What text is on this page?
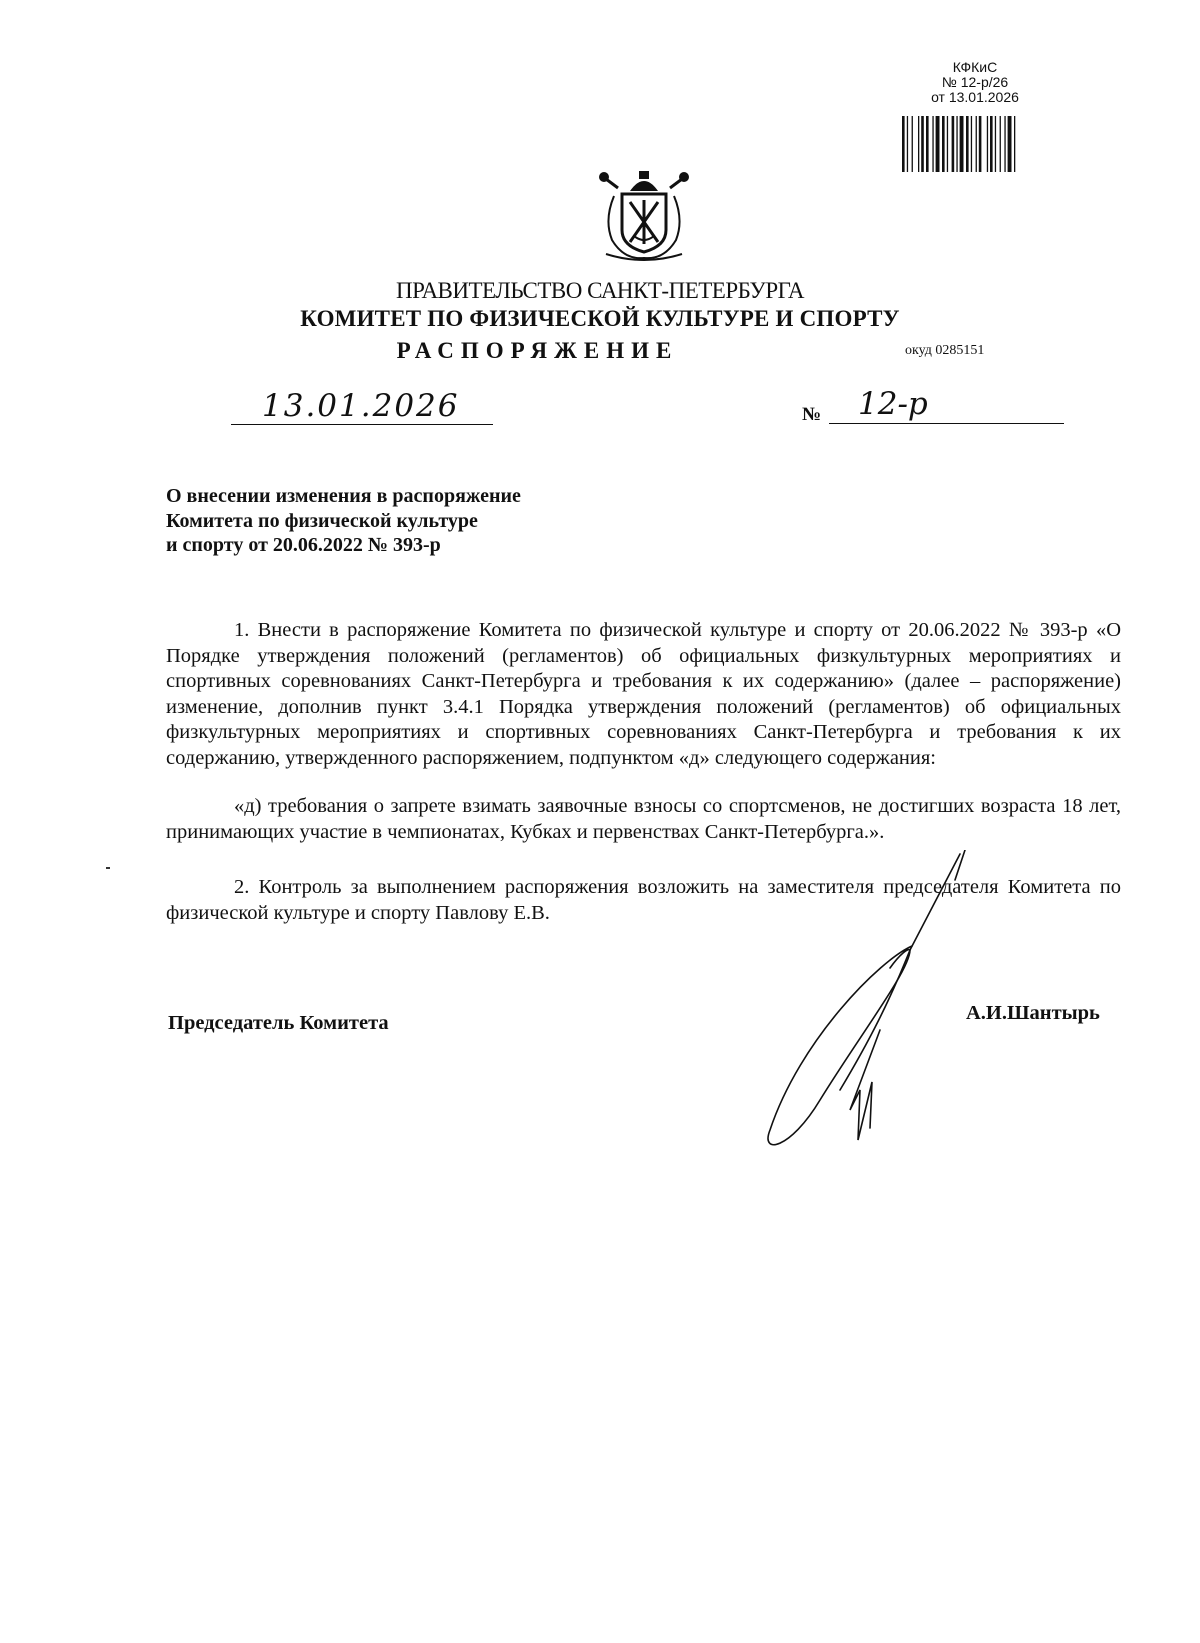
КФКиС
№ 12-р/26
от 13.01.2026
ПРАВИТЕЛЬСТВО САНКТ-ПЕТЕРБУРГА
КОМИТЕТ ПО ФИЗИЧЕСКОЙ КУЛЬТУРЕ И СПОРТУ
РАСПОРЯЖЕНИЕ	окуд 0285151
13.01.2026	№ 12-р
О внесении изменения в распоряжение
Комитета по физической культуре
и спорту от 20.06.2022 № 393-р
1. Внести в распоряжение Комитета по физической культуре и спорту от 20.06.2022 № 393-р «О Порядке утверждения положений (регламентов) об официальных физкультурных мероприятиях и спортивных соревнованиях Санкт-Петербурга и требования к их содержанию» (далее – распоряжение) изменение, дополнив пункт 3.4.1 Порядка утверждения положений (регламентов) об официальных физкультурных мероприятиях и спортивных соревнованиях Санкт-Петербурга и требования к их содержанию, утвержденного распоряжением, подпунктом «д» следующего содержания:
«д) требования о запрете взимать заявочные взносы со спортсменов, не достигших возраста 18 лет, принимающих участие в чемпионатах, Кубках и первенствах Санкт-Петербурга.».
2. Контроль за выполнением распоряжения возложить на заместителя председателя Комитета по физической культуре и спорту Павлову Е.В.
Председатель Комитета	А.И.Шантырь
